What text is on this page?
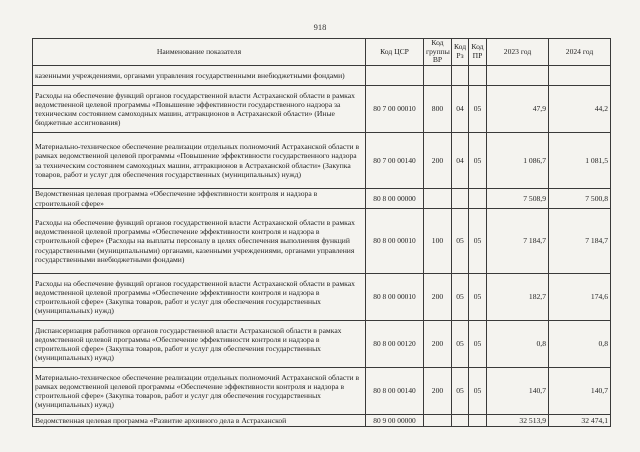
918
Наименование показателя	Код ЦСР	Код группы ВР	Код Рз	Код ПР	2023 год	2024 год
казенными учреждениями, органами управления государственными внебюджетными фондами)						
Расходы на обеспечение функций органов государственной власти Астраханской области в рамках ведомственной целевой программы «Повышение эффективности государственного надзора за техническим состоянием самоходных машин, аттракционов в Астраханской области» (Иные бюджетные ассигнования)	80 7 00 00010	800	04	05	47,9	44,2
Материально-техническое обеспечение реализации отдельных полномочий Астраханской области в рамках ведомственной целевой программы «Повышение эффективности государственного надзора за техническим состоянием самоходных машин, аттракционов в Астраханской области» (Закупка товаров, работ и услуг для обеспечения государственных (муниципальных) нужд)	80 7 00 00140	200	04	05	1 086,7	1 081,5
Ведомственная целевая программа «Обеспечение эффективности контроля и надзора в строительной сфере»	80 8 00 00000				7 508,9	7 500,8
Расходы на обеспечение функций органов государственной власти Астраханской области в рамках ведомственной целевой программы «Обеспечение эффективности контроля и надзора в строительной сфере» (Расходы на выплаты персоналу в целях обеспечения выполнения функций государственными (муниципальными) органами, казенными учреждениями, органами управления государственными внебюджетными фондами)	80 8 00 00010	100	05	05	7 184,7	7 184,7
Расходы на обеспечение функций органов государственной власти Астраханской области в рамках ведомственной целевой программы «Обеспечение эффективности контроля и надзора в строительной сфере» (Закупка товаров, работ и услуг для обеспечения государственных (муниципальных) нужд)	80 8 00 00010	200	05	05	182,7	174,6
Диспансеризация работников органов государственной власти Астраханской области в рамках ведомственной целевой программы «Обеспечение эффективности контроля и надзора в строительной сфере» (Закупка товаров, работ и услуг для обеспечения государственных (муниципальных) нужд)	80 8 00 00120	200	05	05	0,8	0,8
Материально-техническое обеспечение реализации отдельных полномочий Астраханской области в рамках ведомственной целевой программы «Обеспечение эффективности контроля и надзора в строительной сфере» (Закупка товаров, работ и услуг для обеспечения государственных (муниципальных) нужд)	80 8 00 00140	200	05	05	140,7	140,7
Ведомственная целевая программа «Развитие архивного дела в Астраханской	80 9 00 00000				32 513,9	32 474,1
